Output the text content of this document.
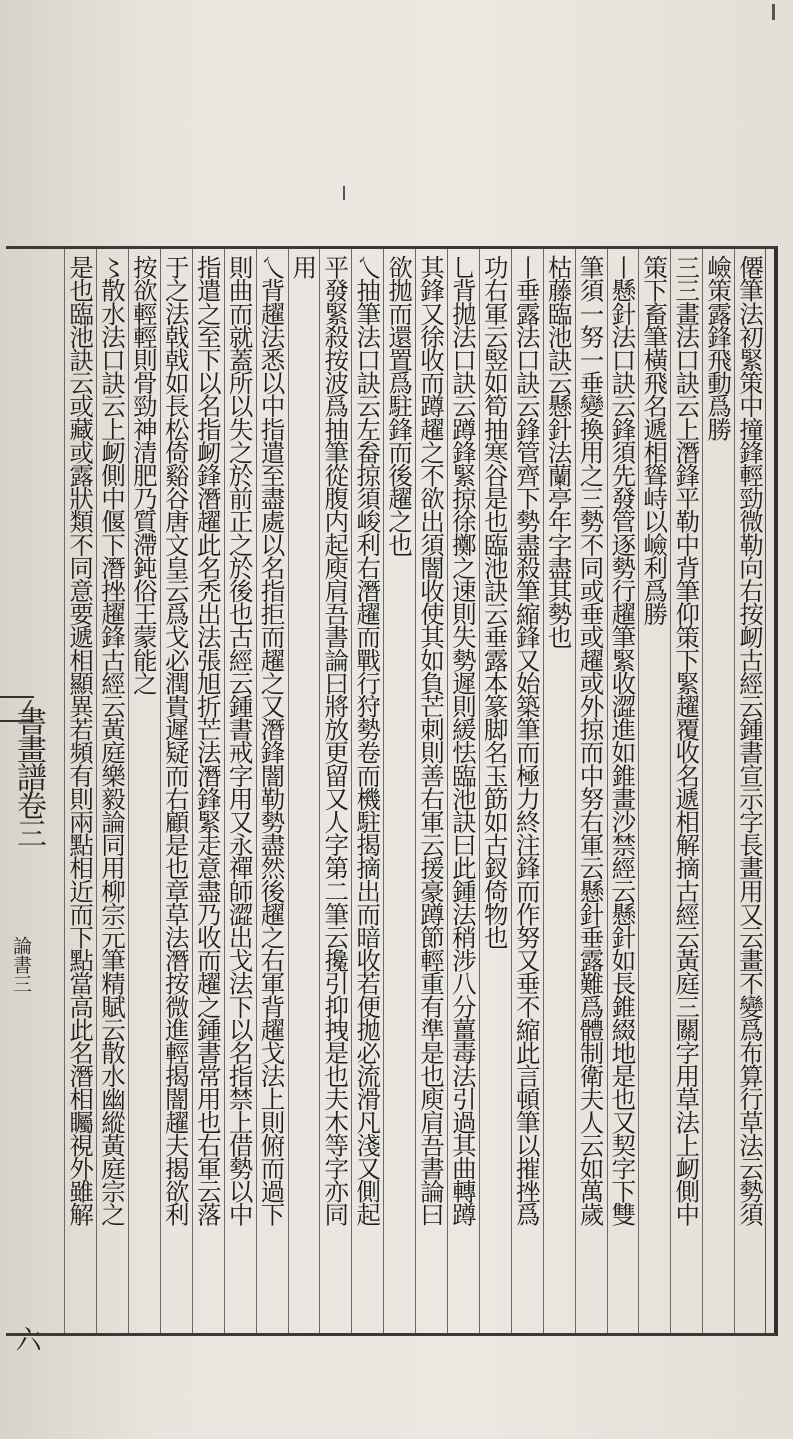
書畫譜卷三
論書三
六
僊筆法初緊策中撞鋒輕勁微勒向右按衂古經云鍾書宣示字長畫用又云畫不變爲布算行草法云勢須
嶮策露鋒飛動爲勝
三三畫法口訣云上潛鋒平勒中背筆仰策下緊趯覆收名遞相解摘古經云黃庭三關字用草法上衂側中
策下畜筆橫飛名遞相聳峙以嶮利爲勝
丨懸針法口訣云鋒須先發管逐勢行趯筆緊收澀進如錐畫沙禁經云懸針如長錐綴地是也又契字下雙
筆須一努一垂變換用之三勢不同或垂或趯或外掠而中努右軍云懸針垂露難爲體制衛夫人云如萬歲
枯藤臨池訣云懸針法蘭亭年字盡其勢也
丨垂露法口訣云鋒管齊下勢盡殺筆縮鋒又始築筆而極力終注鋒而作努又垂不縮此言頓筆以摧挫爲
功右軍云竪如筍抽寒谷是也臨池訣云垂露本篆脚名玉筯如古釵倚物也
乚背拋法口訣云蹲鋒緊掠徐擲之速則失勢遲則緩怯臨池訣曰此鍾法稍涉八分薑毒法引過其曲轉蹲
其鋒又徐收而蹲趯之不欲出須闇收使其如負芒刺則善右軍云援豪蹲節輕重有準是也庾肩吾書論曰
欲拋而還置爲駐鋒而後趯之也
乀抽筆法口訣云左畚掠須峻利右潛趯而戰行狩勢卷而機駐揭摘出而暗收若便拋必流滑凡淺又側起
平發緊殺按波爲抽筆從腹内起庾肩吾書論曰將放更留又人字第二筆云攙引抑拽是也夫木等字亦同
用
乀背趯法悉以中指遣至盡處以名指拒而趯之又潛鋒闇勒勢盡然後趯之右軍背趯戈法上則俯而過下
則曲而就蓋所以失之於前正之於後也古經云鍾書戒字用又永禪師澀出戈法下以名指禁上借勢以中
指遣之至下以名指衂鋒潛趯此名禿出法張旭折芒法潛鋒緊走意盡乃收而趯之鍾書常用也右軍云落
于之法戟戟如長松倚谿谷唐文皇云爲戈必潤貴遲疑而右顧是也章草法潛按微進輕揭闇趯夫揭欲利
按欲輕輕則骨勁神清肥乃質滯鈍俗王蒙能之
〻散水法口訣云上衂側中偃下潛挫趯鋒古經云黃庭樂毅論同用柳宗元筆精賦云散水幽縱黃庭宗之
是也臨池訣云或藏或露狀類不同意要遞相顯異若頻有則兩點相近而下點當高此名潛相矚視外雖解
